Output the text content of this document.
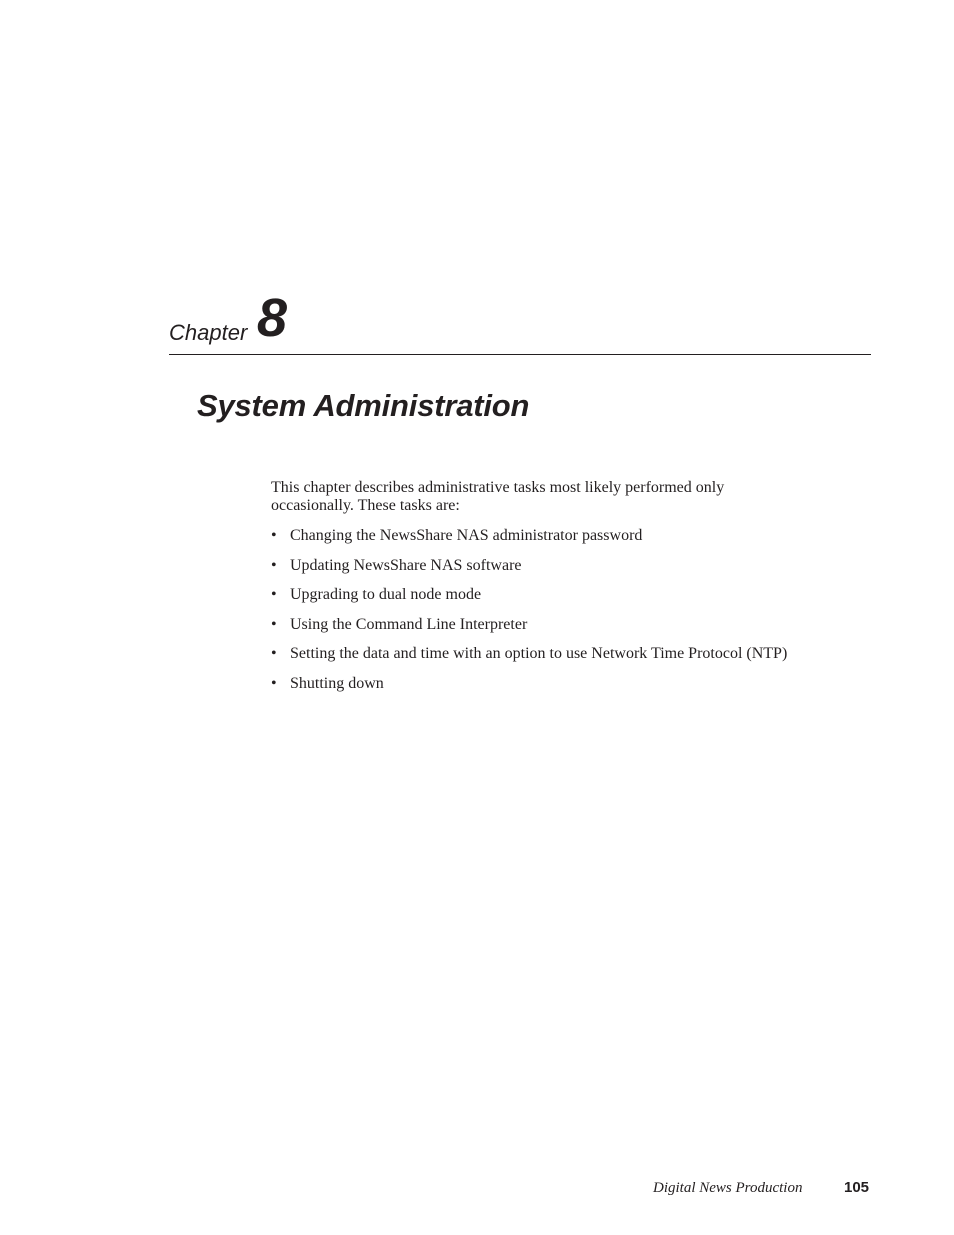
Chapter 8
System Administration

This chapter describes administrative tasks most likely performed only occasionally. These tasks are:

• Changing the NewsShare NAS administrator password
• Updating NewsShare NAS software
• Upgrading to dual node mode
• Using the Command Line Interpreter
• Setting the data and time with an option to use Network Time Protocol (NTP)
• Shutting down
Digital News Production	105
